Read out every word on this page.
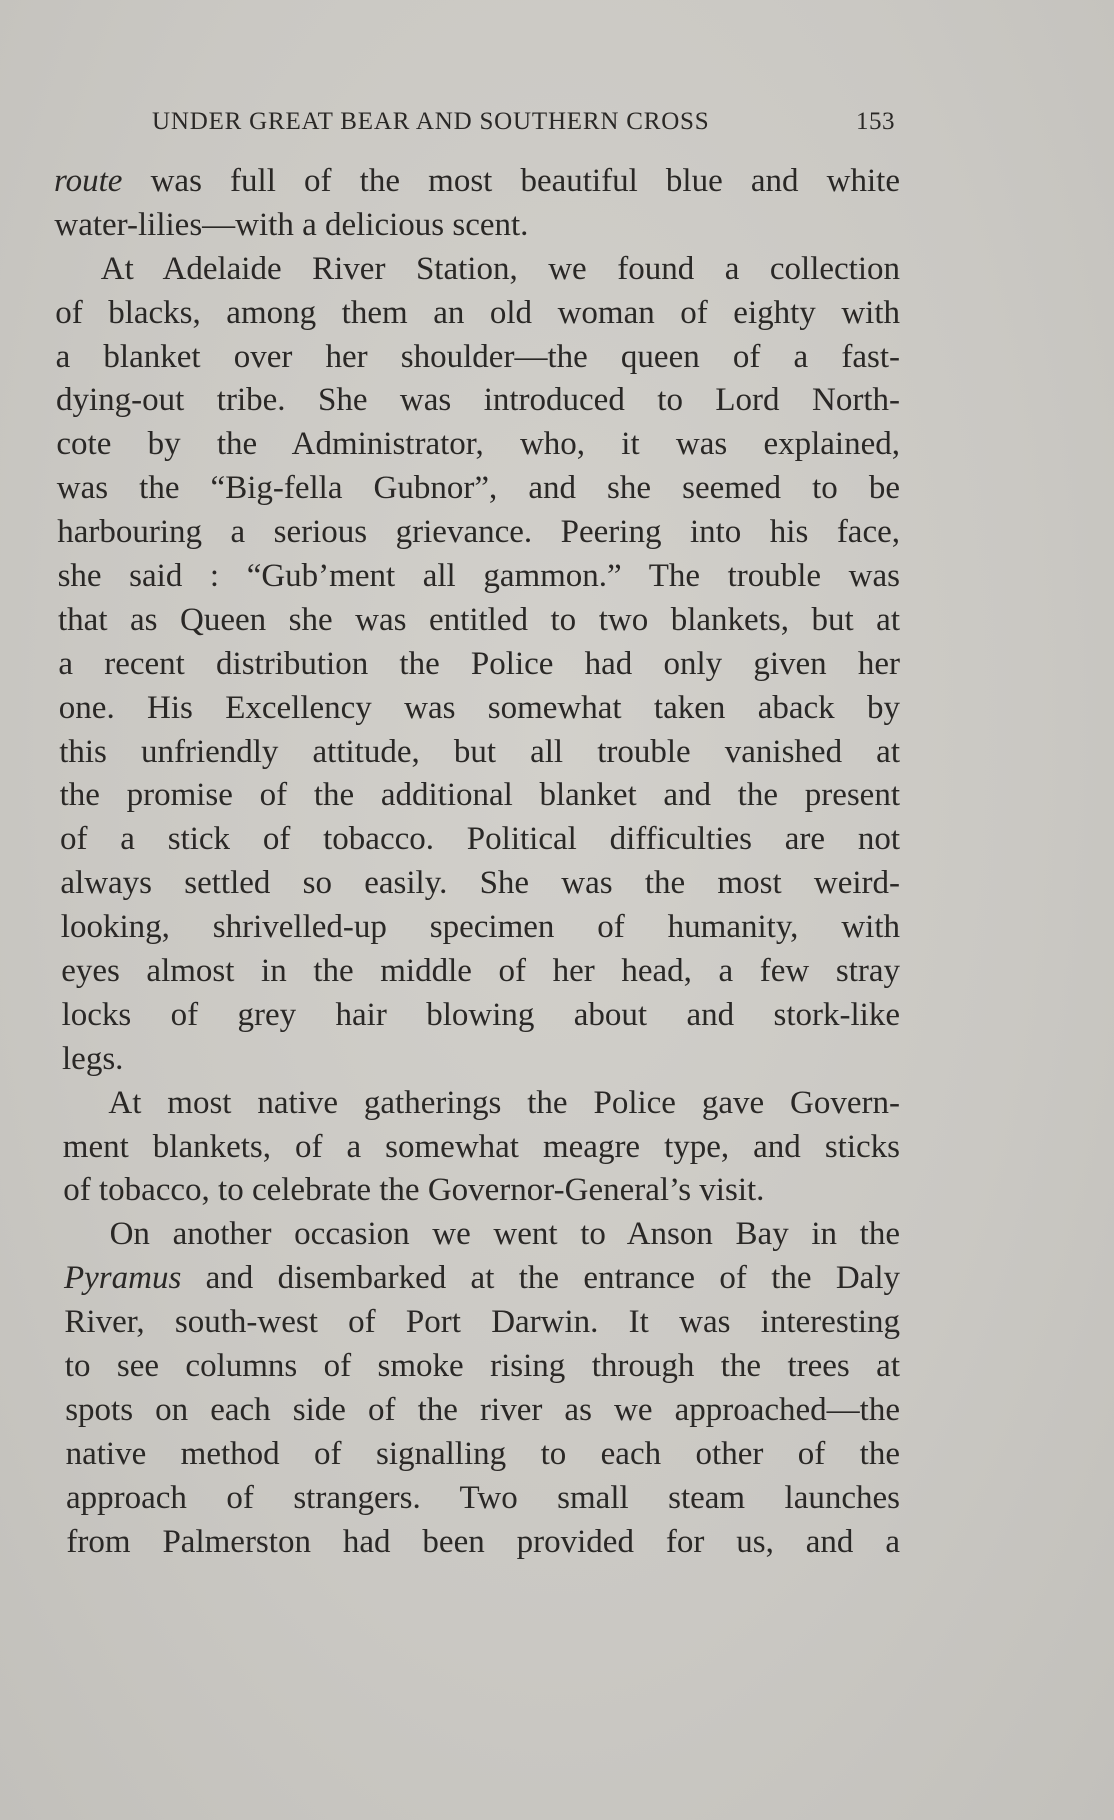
UNDER GREAT BEAR AND SOUTHERN CROSS	153
route was full of the most beautiful blue and white
water-lilies—with a delicious scent.
At Adelaide River Station, we found a collection
of blacks, among them an old woman of eighty with
a blanket over her shoulder—the queen of a fast-
dying-out tribe. She was introduced to Lord North-
cote by the Administrator, who, it was explained,
was the “Big-fella Gubnor”, and she seemed to be
harbouring a serious grievance. Peering into his face,
she said : “Gub’ment all gammon.” The trouble was
that as Queen she was entitled to two blankets, but at
a recent distribution the Police had only given her
one. His Excellency was somewhat taken aback by
this unfriendly attitude, but all trouble vanished at
the promise of the additional blanket and the present
of a stick of tobacco. Political difficulties are not
always settled so easily. She was the most weird-
looking, shrivelled-up specimen of humanity, with
eyes almost in the middle of her head, a few stray
locks of grey hair blowing about and stork-like
legs.
At most native gatherings the Police gave Govern-
ment blankets, of a somewhat meagre type, and sticks
of tobacco, to celebrate the Governor-General’s visit.
On another occasion we went to Anson Bay in the
Pyramus and disembarked at the entrance of the Daly
River, south-west of Port Darwin. It was interesting
to see columns of smoke rising through the trees at
spots on each side of the river as we approached—the
native method of signalling to each other of the
approach of strangers. Two small steam launches
from Palmerston had been provided for us, and a
